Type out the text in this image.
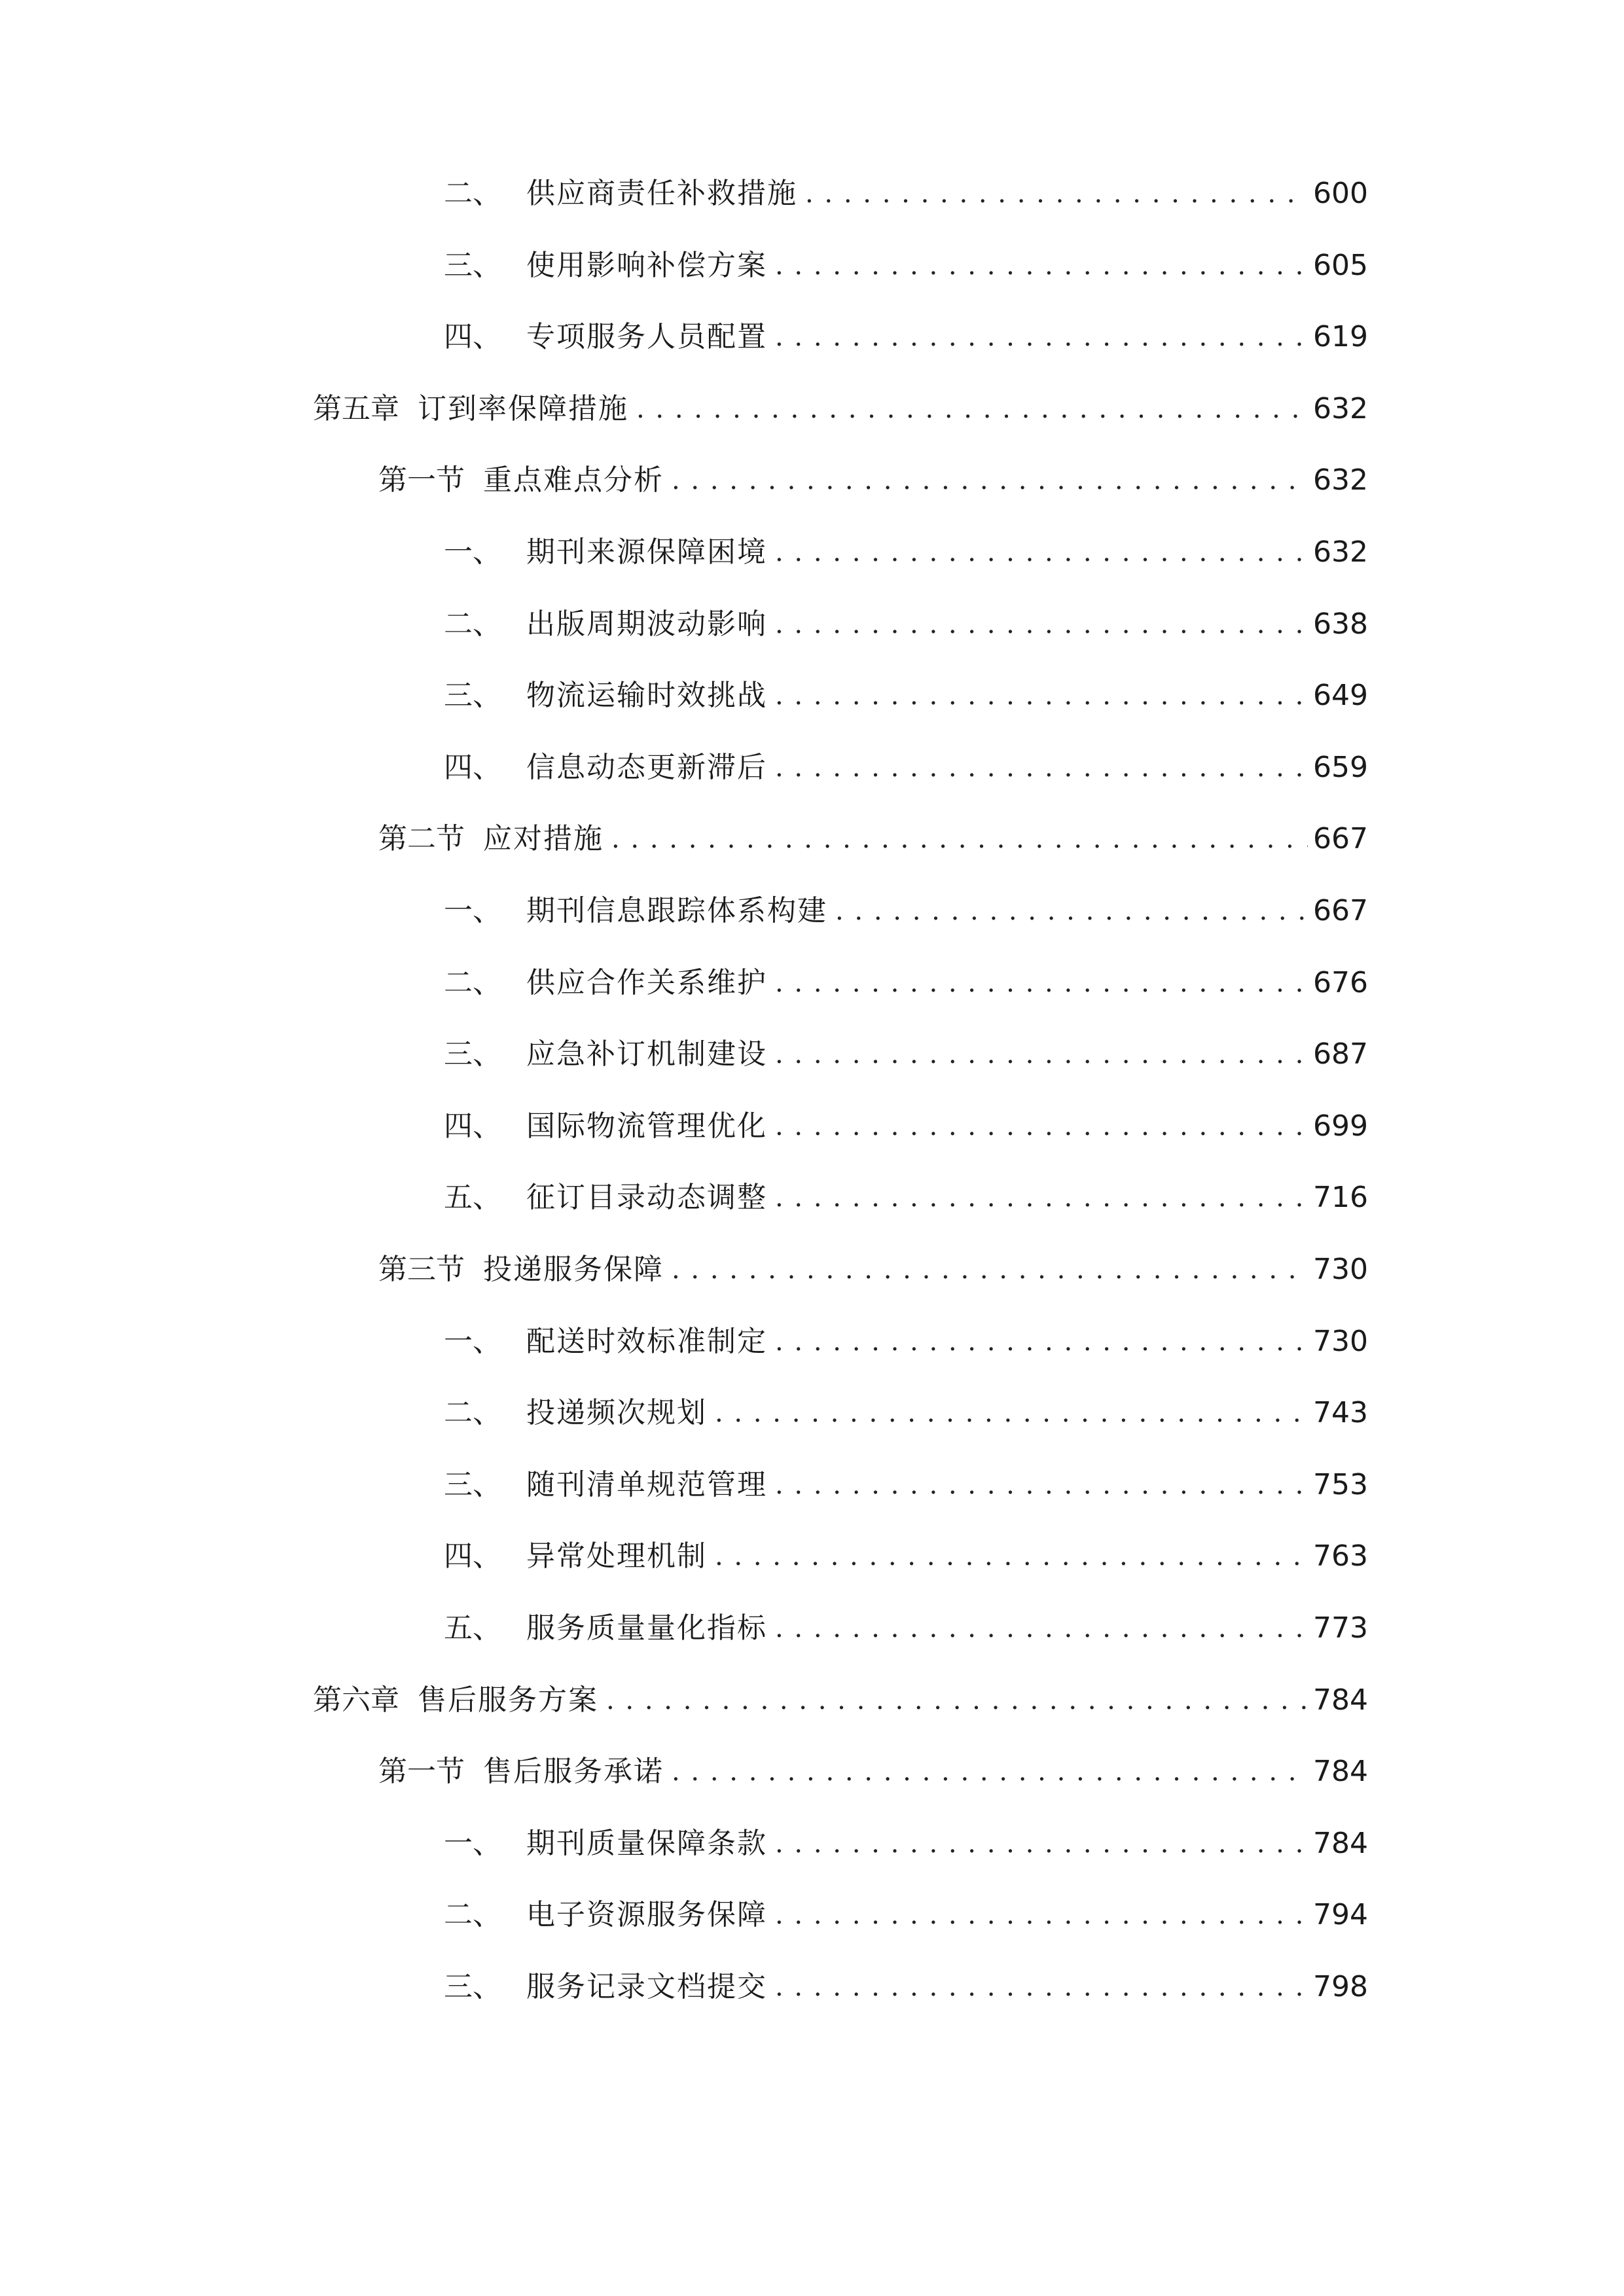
二、 供应商责任补救措施 . . .	600
三、 使用影响补偿方案 . . .	605
四、 专项服务人员配置 . . .	619
第五章 订到率保障措施 . . .	632
第一节 重点难点分析 . . .	632
一、 期刊来源保障困境 . . .	632
二、 出版周期波动影响 . . .	638
三、 物流运输时效挑战 . . .	649
四、 信息动态更新滞后 . . .	659
第二节 应对措施 . . .	667
一、 期刊信息跟踪体系构建 . . .	667
二、 供应合作关系维护 . . .	676
三、 应急补订机制建设 . . .	687
四、 国际物流管理优化 . . .	699
五、 征订目录动态调整 . . .	716
第三节 投递服务保障 . . .	730
一、 配送时效标准制定 . . .	730
二、 投递频次规划 . . .	743
三、 随刊清单规范管理 . . .	753
四、 异常处理机制 . . .	763
五、 服务质量量化指标 . . .	773
第六章 售后服务方案 . . .	784
第一节 售后服务承诺 . . .	784
一、 期刊质量保障条款 . . .	784
二、 电子资源服务保障 . . .	794
三、 服务记录文档提交 . . .	798
